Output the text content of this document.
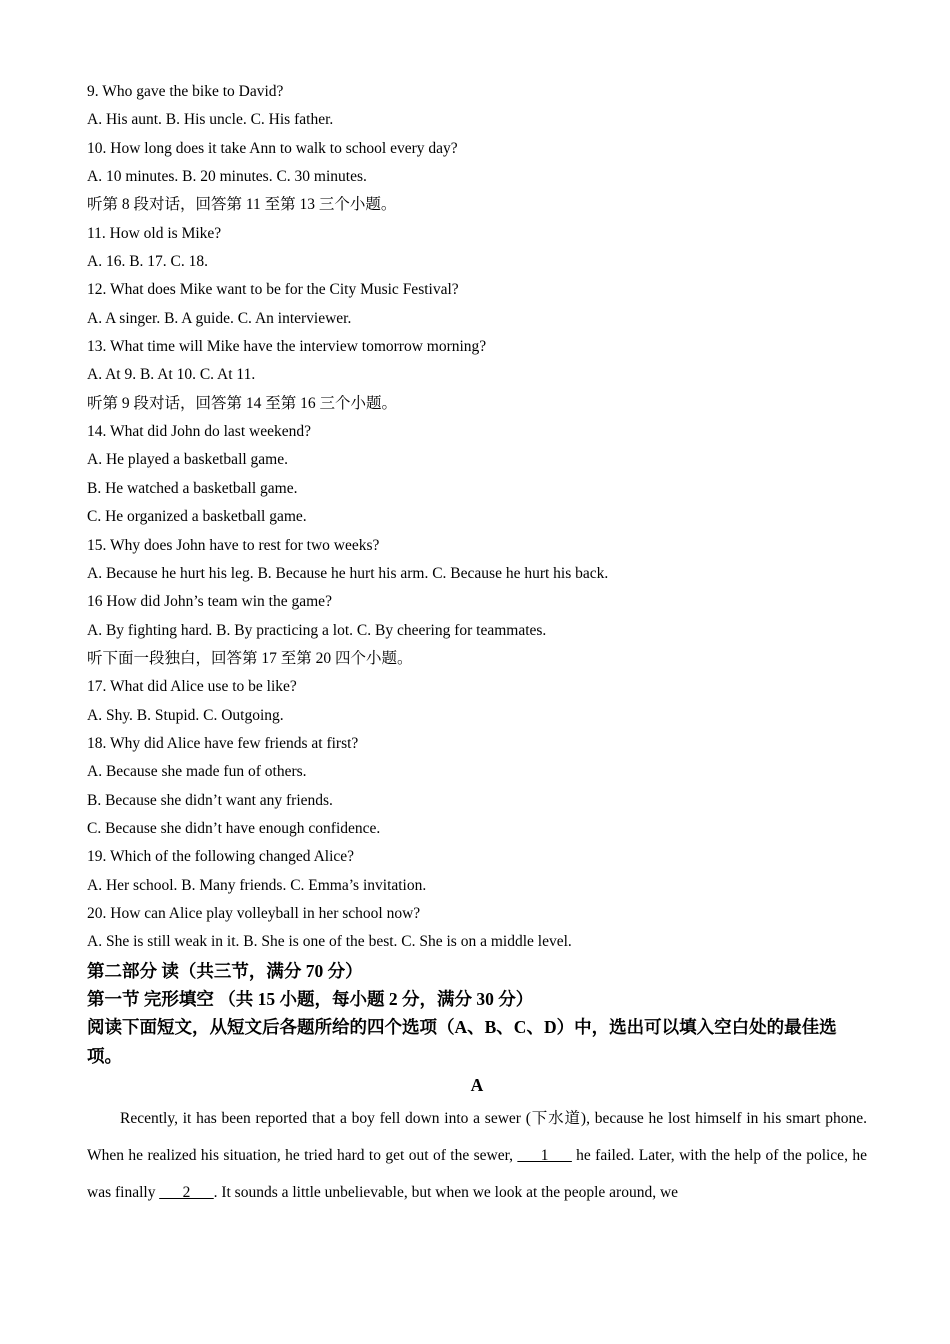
9. Who gave the bike to David?
A. His aunt. B. His uncle. C. His father.
10. How long does it take Ann to walk to school every day?
A. 10 minutes. B. 20 minutes. C. 30 minutes.
听第 8 段对话，回答第 11 至第 13 三个小题。
11. How old is Mike?
A. 16. B. 17. C. 18.
12. What does Mike want to be for the City Music Festival?
A. A singer. B. A guide. C. An interviewer.
13. What time will Mike have the interview tomorrow morning?
A. At 9. B. At 10. C. At 11.
听第 9 段对话，回答第 14 至第 16 三个小题。
14. What did John do last weekend?
A. He played a basketball game.
B. He watched a basketball game.
C. He organized a basketball game.
15. Why does John have to rest for two weeks?
A. Because he hurt his leg. B. Because he hurt his arm. C. Because he hurt his back.
16 How did John’s team win the game?
A. By fighting hard. B. By practicing a lot. C. By cheering for teammates.
听下面一段独白，回答第 17 至第 20 四个小题。
17. What did Alice use to be like?
A. Shy. B. Stupid. C. Outgoing.
18. Why did Alice have few friends at first?
A. Because she made fun of others.
B. Because she didn’t want any friends.
C. Because she didn’t have enough confidence.
19. Which of the following changed Alice?
A. Her school. B. Many friends. C. Emma’s invitation.
20. How can Alice play volleyball in her school now?
A. She is still weak in it. B. She is one of the best. C. She is on a middle level.
第二部分 读（共三节，满分 70 分）
第一节 完形填空 （共 15 小题，每小题 2 分，满分 30 分）
阅读下面短文，从短文后各题所给的四个选项（A、B、C、D）中，选出可以填入空白处的最佳选项。
A

Recently, it has been reported that a boy fell down into a sewer (下水道), because he lost himself in his smart phone. When he realized his situation, he tried hard to get out of the sewer, ___1___ he failed. Later, with the help of the police, he was finally ___2___. It sounds a little unbelievable, but when we look at the people around, we
